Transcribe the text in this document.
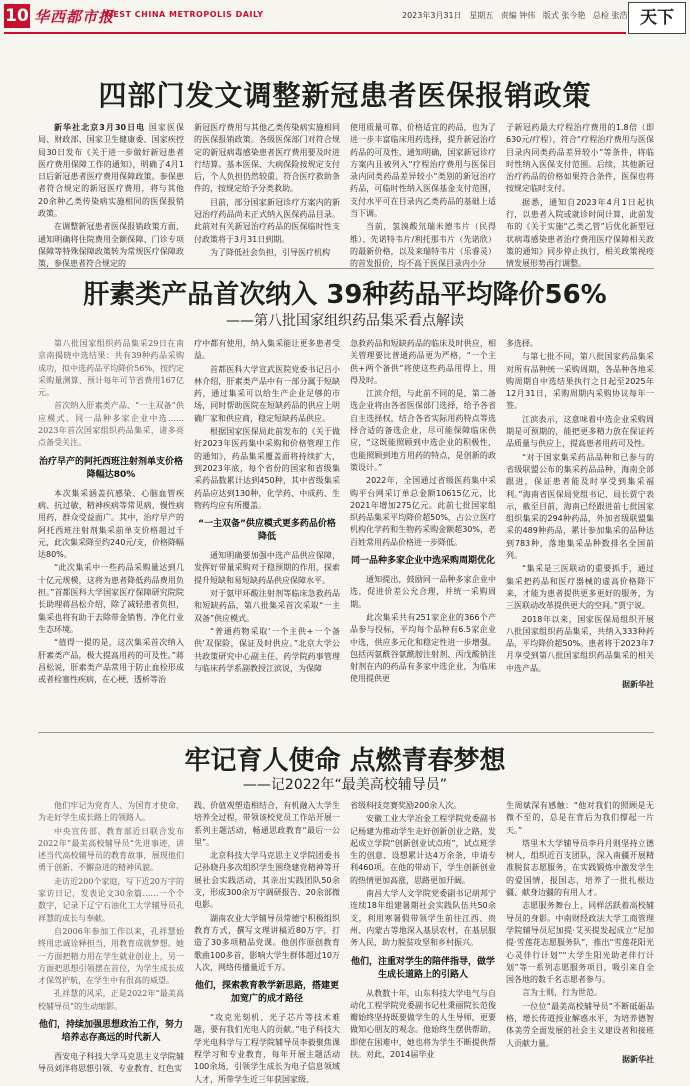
10 华西都市报
WEST CHINA METROPOLIS DAILY	2023年3月31日 星期五 责编 钟伟 版式 张今艳 总检 张浩 天下
四部门发文调整新冠患者医保报销政策

新华社北京3月30日电 国家医保局、财政部、国家卫生健康委、国家疾控局30日发布《关于进一步做好新冠患者医疗费用保障工作的通知》，明确了4月1日后新冠患者医疗费用保障政策。参保患者符合规定的新冠医疗费用，将与其他20余种乙类传染病实施相同的医保报销政策。

在调整新冠患者医保报销政策方面，通知明确将住院费用全额保障、门诊专项保障等特殊保障政策转为常规医疗保障政策，参保患者符合规定的

新冠医疗费用与其他乙类传染病实施相同的医保报销政策。各级医保部门对符合规定的新冠病毒感染患者医疗费用要及时进行结算。基本医保、大病保险按规定支付后，个人负担仍然较重、符合医疗救助条件的，按规定给予分类救助。

目前，部分国家新冠诊疗方案内的新冠治疗药品尚未正式纳入医保药品目录。此前对有关新冠治疗药品的医保临时性支付政策将于3月31日到期。

为了降低社会负担，引导医疗机构

使用质量可靠、价格适宜的药品，也为了进一步丰富临床用药选择，提升新冠治疗药品的可及性，通知明确，国家新冠诊疗方案内且被列入“疗程治疗费用与医保目录内同类药品差异较小”类别的新冠治疗药品，可临时性纳入医保基金支付范围，支付水平可在目录内乙类药品的基础上适当下调。

当前，氢溴酸氘瑞米德韦片（民得维）、先诺特韦片/利托那韦片（先诺欣）的最新价格，以及来瑞特韦片（乐睿灵）的首发报价，均不高于医保目录内小分

子新冠药最大疗程治疗费用的1.8倍（即630元/疗程），符合“疗程治疗费用与医保目录内同类药品差异较小”等条件，将临时性纳入医保支付范围。后续，其他新冠治疗药品的价格如果符合条件，医保也将按规定临时支付。

据悉，通知自2023年4月1日起执行，以患者入院或就诊时间计算，此前发布的《关于实施“乙类乙管”后优化新型冠状病毒感染患者治疗费用医疗保障相关政策的通知》同步停止执行，相关政策视疫情发展形势再行调整。

肝素类产品首次纳入 39种药品平均降价56%
——第八批国家组织药品集采看点解读

第八批国家组织药品集采29日在南京南揭晓中选结果：共有39种药品采购成功，拟中选药品平均降价56%，按约定采购量测算，预计每年可节省费用167亿元。

首次纳入肝素类产品、“一主双备”供应模式、同一品种多家企业中选……2023年首次国家组织药品集采，诸多亮点备受关注。

治疗早产的阿托西班注射剂单支价格降幅达80%

本次集采涵盖抗感染、心脑血管疾病、抗过敏、精神疾病等常见病、慢性病用药，群众受益面广。其中，治疗早产的阿托西班注射剂集采前单支价格超过千元，此次集采降至约240元/支，价格降幅达80%。

“此次集采中一些药品采购量达到几十亿元规模，这将为患者降低药品费用负担。”首都医科大学国家医疗保障研究院院长助理蒋昌松介绍，除了减轻患者负担，集采也将有助于去除带金销售、净化行业生态环境。

“值得一提的是，这次集采首次纳入肝素类产品，极大提高用药的可及性。”蒋昌松说，肝素类产品常用于防止血栓形成或者栓塞性疾病，在心梗、透析等治

疗中都有使用，纳入集采能让更多患者受益。

首都医科大学宣武医院党委书记吕小林介绍，肝素类产品中有一部分属于短缺药，通过集采可以给生产企业足够的市场，同时帮助医院在短缺药品的供应上明确厂家和供应商，稳定短缺药品供应。

根据国家医保局此前发布的《关于做好2023年医药集中采购和价格管理工作的通知》，药品集采覆盖面将持续扩大，到2023年底，每个省份的国家和省级集采药品数累计达到450种，其中省级集采药品应达到130种，化学药、中成药、生物药均应有所覆盖。

“一主双备”供应模式更多药品价格降低

通知明确要加强中选产品供应保障，发挥好带量采购对于稳预期的作用，探索提升短缺和易短缺药品供应保障水平。

对于氨甲环酸注射剂等临床急救药品和短缺药品，第八批集采首次采取“一主双备”供应模式。

“普通药物采取‘一个主供+一个备供’双保险，保证及时供应。”北京大学公共政策研究中心副主任、药学院药事管理与临床药学系副教授江滨说，为保障

急救药品和短缺药品的临床及时供应，相关管理要比普通药品更为严格，“一个主供+两个备供”将使这些药品用得上、用得及时。

江滨介绍，与此前不同的是，第二备选企业将由各省医保部门选择，给予各省自主选择权，结合各省实际用药特点等选择合适的备选企业，尽可能保障临床供应，“这既能照顾到中选企业的积极性，也能照顾到地方用药的特点，是创新的政策设计。”

2022年，全国通过省级医药集中采购平台网采订单总金额10615亿元，比2021年增加275亿元。此前七批国家组织药品集采平均降价超50%，占公立医疗机构化学药和生物药采购金额超30%，老百姓常用药品价格进一步降低。

同一品种多家企业中选采购周期优化

通知提出，鼓励同一品种多家企业中选，促进价差公允合理，并统一采购周期。

此次集采共有251家企业的366个产品参与投标，平均每个品种有6.5家企业中选，供应多元化和稳定性进一步增强。包括丙氨酰谷氨酰胺注射剂、丙戊酸钠注射剂在内的药品有多家中选企业，为临床使用提供更

多选择。

与第七批不同，第八批国家药品集采对所有品种统一采购周期，各品种各地采购周期自中选结果执行之日起至2025年12月31日，采购周期内采购协议每年一签。

江滨表示，这意味着中选企业采购周期是可预期的，能把更多精力放在保证药品质量与供应上，提高患者用药可及性。

“对于国家集采药品品种和已参与的省级联盟公布的集采药品品种，海南全部跟进，保证患者能及时享受到集采福利。”海南省医保局党组书记、局长贾宁表示，截至目前，海南已经跟进前七批国家组织集采的294种药品，外加省级联盟集采的489种药品，累计参加集采的品种达到783种，落地集采品种数排名全国前列。

“集采是三医联动的重要抓手，通过集采把药品和医疗器械的虚高价格降下来，才能为患者提供更多更好的服务，为三医联动改革提供更大的空间。”贾宁说。

2018年以来，国家医保局组织开展八批国家组织药品集采，共纳入333种药品，平均降价超50%。患者将于2023年7月享受到第八批国家组织药品集采的相关中选产品。

据新华社

牢记育人使命 点燃青春梦想
——记2022年“最美高校辅导员”

他们牢记为党育人、为国育才使命，为走好学生成长路上的领路人。

中央宣传部、教育部近日联合发布2022年“最美高校辅导员”先进事迹，讲述当代高校辅导员的教育故事，展现他们勇于创新、不懈奋进的精神风貌。

走访近200个家庭，写下近20万字的家访日记，发表论文30余篇……一个个数字，记录下辽宁石油化工大学辅导员孔祥慧的成长与奉献。

自2006年参加工作以来，孔祥慧始终用忠诚诠释担当，用教育成就梦想。她一方面把精力用在学生就业创业上，另一方面把思想引领摆在首位，为学生成长成才保驾护航，在学生中有很高的威望。

孔祥慧的风采，正是2022年“最美高校辅导员”的生动缩影。

他们，持续加强思想政治工作，努力培养志存高远的时代新人

西安电子科技大学马克思主义学院辅导员刘洋将思想引领、专业教育、红色实

践、价值观塑造相结合，有机融入大学生培养全过程，带领该校党员工作站开展一系列主题活动，畅通思政教育“最后一公里”。

北京科技大学马克思主义学院团委书记孙晓丹多次组织学生围绕建党精神等开展社会实践活动，其亲出实践团队50余支，形成300余万字调研报告、20余部微电影。

湖南农业大学辅导员常德宁积极组织教育方式，撰写文理讲稿近80万字，打造了30多项精品党课。他创作原创教育歌曲100多首，影响大学生群体超过10万人次，网络传播量近千万。

他们，探索教育教学新思路，搭建更加宽广的成才路径

“攻克光刻机、光子芯片等技术难题，要有我们光电人的贡献。”电子科技大学光电科学与工程学院辅导员李毅聚焦课程学习和专业教育，每年开展主题活动100余场，引领学生成长为电子信息领域人才，所带学生近三年获国家级、

省级科技竞赛奖励200余人次。

安徽工业大学冶金工程学院党委副书记杨建为推动学生走好创新创业之路，发起成立学院“创新创业试点班”，试点班学生的创意、设想累计达4万余条，申请专利460项。在他的带动下，学生创新创业的热情更加高涨，思路更加开阔。

南昌大学人文学院党委副书记胡邦宁连续18年组建暑期社会实践队伍共50余支，利用寒暑假带领学生前往江西、贵州、内蒙古等地深入基层农村，在基层服务人民，助力脱贫攻坚和乡村振兴。

他们，注重对学生的陪伴指导，做学生成长道路上的引路人

从教数十年，山东科技大学电气与自动化工程学院党委副书记杜秉丽院长范俊瓣始终坚持既要做学生的人生导师，更要做知心朋友的观念。他始终生摆供帮助，即使在困难中，她也将为学生不断提供帮扶。对此，2014届毕业

生周斌深有感触：“他对我们的照顾是无微不至的，总是在背后为我们撑起一片天。”

塔里木大学辅导员李丹月则坚持立德树人，组织近百支团队，深入南疆开展精准脱贫志愿服务，在实践锻炼中激发学生的爱国情，报国志，培养了一批扎根边疆、献身边疆的有用人才。

志愿服务舞台上，同样活跃着高校辅导员的身影。中南财经政法大学工商管理学院辅导员尼加提·艾买提发起成立“尼加提·雪莲花志愿服务队”，推出“雪莲花阳光心灵伴行计划”“大学生阳光助老伴行计划”等一系列志愿服务项目，吸引来自全国各地的数千名志愿者参与。

言为士则，行为世范。

一位位“最美高校辅导员”不断砥砺品格，增长传道授业解惑水平，为培养德智体美劳全面发展的社会主义建设者和接班人贡献力量。

据新华社
